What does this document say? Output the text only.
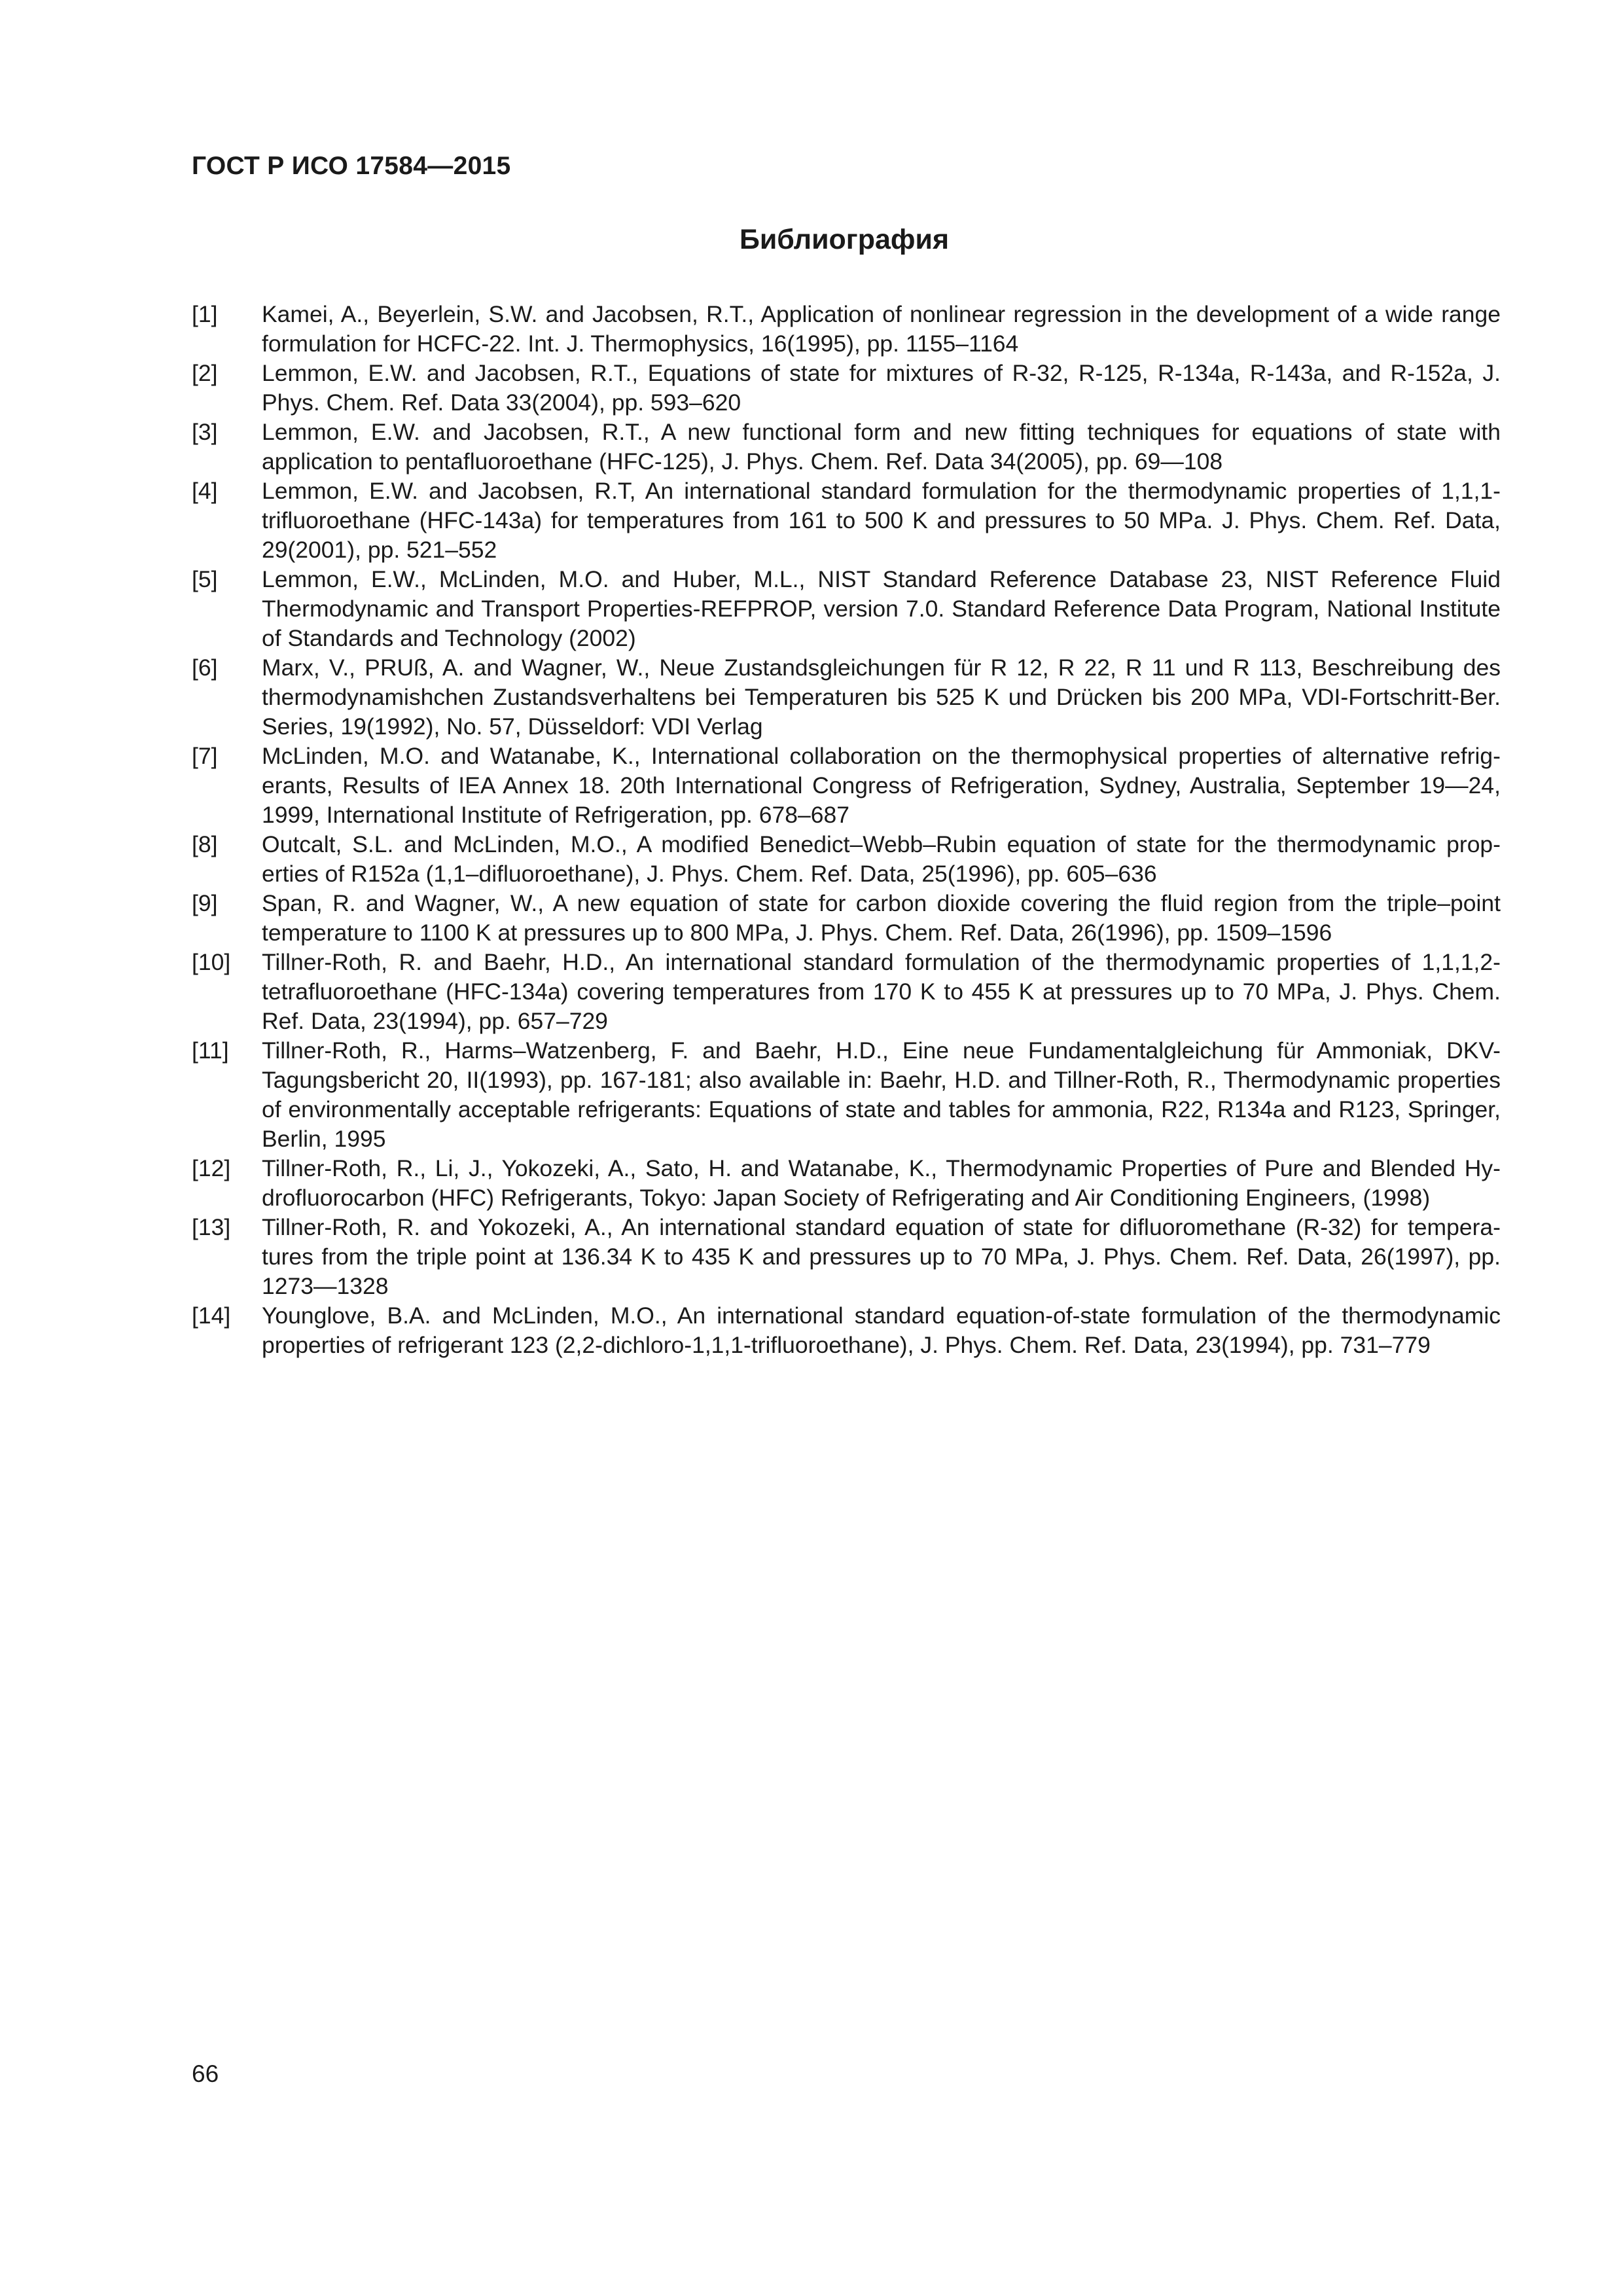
ГОСТ Р ИСО 17584—2015
Библиография
[1]	Kamei, A., Beyerlein, S.W. and Jacobsen, R.T., Application of nonlinear regression in the development of a wide range formulation for HCFC-22. Int. J. Thermophysics, 16(1995), pp. 1155–1164
[2]	Lemmon, E.W. and Jacobsen, R.T., Equations of state for mixtures of R-32, R-125, R-134a, R-143a, and R-152a, J. Phys. Chem. Ref. Data 33(2004), pp. 593–620
[3]	Lemmon, E.W. and Jacobsen, R.T., A new functional form and new fitting techniques for equations of state with application to pentafluoroethane (HFC-125), J. Phys. Chem. Ref. Data 34(2005), pp. 69—108
[4]	Lemmon, E.W. and Jacobsen, R.T, An international standard formulation for the thermodynamic properties of 1,1,1-trifluoroethane (HFC-143a) for temperatures from 161 to 500 K and pressures to 50 MPa. J. Phys. Chem. Ref. Data, 29(2001), pp. 521–552
[5]	Lemmon, E.W., McLinden, M.O. and Huber, M.L., NIST Standard Reference Database 23, NIST Reference Fluid Thermodynamic and Transport Properties-REFPROP, version 7.0. Standard Reference Data Program, National Institute of Standards and Technology (2002)
[6]	Marx, V., PRUß, A. and Wagner, W., Neue Zustandsgleichungen für R 12, R 22, R 11 und R 113, Beschreibung des thermodynamishchen Zustandsverhaltens bei Temperaturen bis 525 K und Drücken bis 200 MPa, VDI-Fortschritt-Ber. Series, 19(1992), No. 57, Düsseldorf: VDI Verlag
[7]	McLinden, M.O. and Watanabe, K., International collaboration on the thermophysical properties of alternative refrig-erants, Results of IEA Annex 18. 20th International Congress of Refrigeration, Sydney, Australia, September 19—24, 1999, International Institute of Refrigeration, pp. 678–687
[8]	Outcalt, S.L. and McLinden, M.O., A modified Benedict–Webb–Rubin equation of state for the thermodynamic prop-erties of R152a (1,1–difluoroethane), J. Phys. Chem. Ref. Data, 25(1996), pp. 605–636
[9]	Span, R. and Wagner, W., A new equation of state for carbon dioxide covering the fluid region from the triple–point temperature to 1100 K at pressures up to 800 MPa, J. Phys. Chem. Ref. Data, 26(1996), pp. 1509–1596
[10]	Tillner-Roth, R. and Baehr, H.D., An international standard formulation of the thermodynamic properties of 1,1,1,2-tetrafluoroethane (HFC-134a) covering temperatures from 170 K to 455 K at pressures up to 70 MPa, J. Phys. Chem. Ref. Data, 23(1994), pp. 657–729
[11]	Tillner-Roth, R., Harms–Watzenberg, F. and Baehr, H.D., Eine neue Fundamentalgleichung für Ammoniak, DKV-Tagungsbericht 20, II(1993), pp. 167-181; also available in: Baehr, H.D. and Tillner-Roth, R., Thermodynamic properties of environmentally acceptable refrigerants: Equations of state and tables for ammonia, R22, R134a and R123, Springer, Berlin, 1995
[12]	Tillner-Roth, R., Li, J., Yokozeki, A., Sato, H. and Watanabe, K., Thermodynamic Properties of Pure and Blended Hy-drofluorocarbon (HFC) Refrigerants, Tokyo: Japan Society of Refrigerating and Air Conditioning Engineers, (1998)
[13]	Tillner-Roth, R. and Yokozeki, A., An international standard equation of state for difluoromethane (R-32) for tempera-tures from the triple point at 136.34 K to 435 K and pressures up to 70 MPa, J. Phys. Chem. Ref. Data, 26(1997), pp. 1273—1328
[14]	Younglove, B.A. and McLinden, M.O., An international standard equation-of-state formulation of the thermodynamic properties of refrigerant 123 (2,2-dichloro-1,1,1-trifluoroethane), J. Phys. Chem. Ref. Data, 23(1994), pp. 731–779

66
